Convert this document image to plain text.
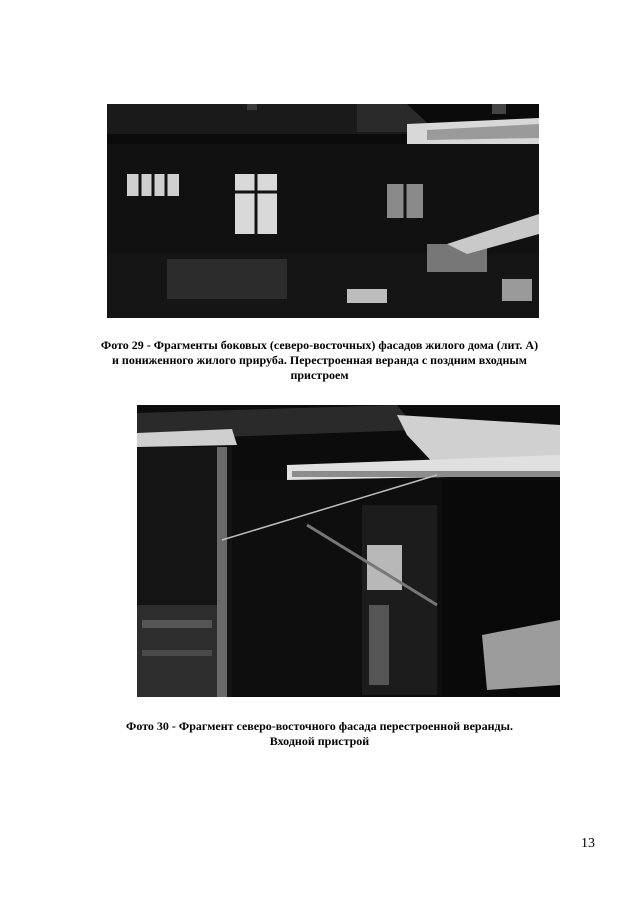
Фото 29 - Фрагменты боковых (северо-восточных) фасадов жилого дома (лит. А)
и пониженного жилого прируба. Перестроенная веранда с поздним входным
пристроем
Фото 30 - Фрагмент северо-восточного фасада перестроенной веранды.
Входной пристрой
13
